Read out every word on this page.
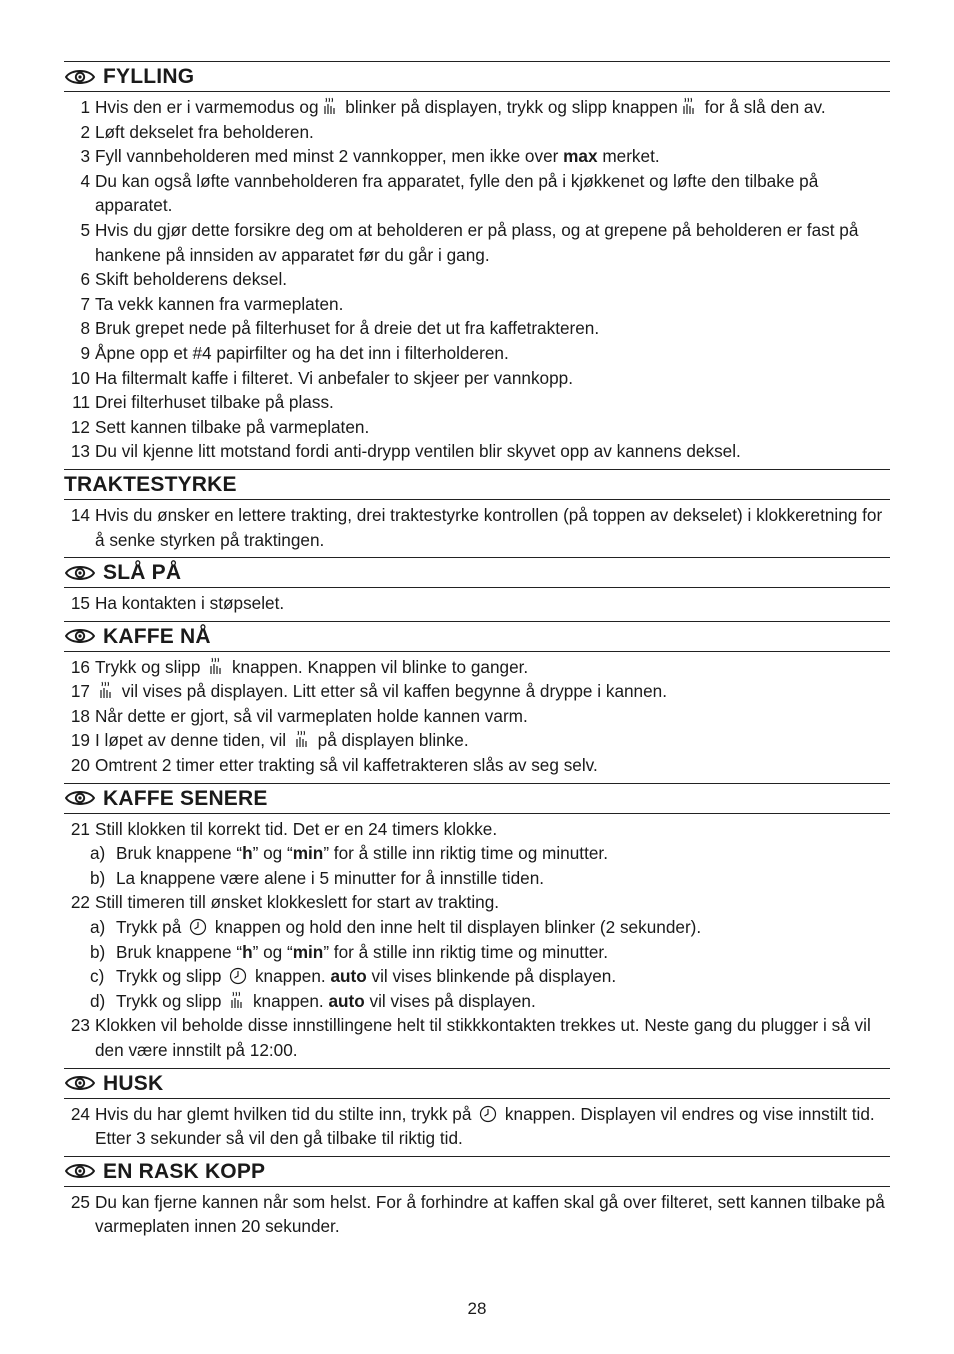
FYLLING
1 Hvis den er i varmemodus og blinker på displayen, trykk og slipp knappen for å slå den av.
2 Løft dekselet fra beholderen.
3 Fyll vannbeholderen med minst 2 vannkopper, men ikke over max merket.
4 Du kan også løfte vannbeholderen fra apparatet, fylle den på i kjøkkenet og løfte den tilbake på apparatet.
5 Hvis du gjør dette forsikre deg om at beholderen er på plass, og at grepene på beholderen er fast på hankene på innsiden av apparatet før du går i gang.
6 Skift beholderens deksel.
7 Ta vekk kannen fra varmeplaten.
8 Bruk grepet nede på filterhuset for å dreie det ut fra kaffetrakteren.
9 Åpne opp et #4 papirfilter og ha det inn i filterholderen.
10 Ha filtermalt kaffe i filteret. Vi anbefaler to skjeer per vannkopp.
11 Drei filterhuset tilbake på plass.
12 Sett kannen tilbake på varmeplaten.
13 Du vil kjenne litt motstand fordi anti-drypp ventilen blir skyvet opp av kannens deksel.
TRAKTESTYRKE
14 Hvis du ønsker en lettere trakting, drei traktestyrke kontrollen (på toppen av dekselet) i klokkeretning for å senke styrken på traktingen.
SLÅ PÅ
15 Ha kontakten i støpselet.
KAFFE NÅ
16 Trykk og slipp  knappen. Knappen vil blinke to ganger.
17	vil vises på displayen. Litt etter så vil kaffen begynne å dryppe i kannen.
18 Når dette er gjort, så vil varmeplaten holde kannen varm.
19 I løpet av denne tiden, vil  på displayen blinke.
20 Omtrent 2 timer etter trakting så vil kaffetrakteren slås av seg selv.
KAFFE SENERE
21 Still klokken til korrekt tid. Det er en 24 timers klokke.
a) Bruk knappene “h” og “min” for å stille inn riktig time og minutter.
b) La knappene være alene i 5 minutter for å innstille tiden.
22 Still timeren till ønsket klokkeslett for start av trakting.
a) Trykk på  knappen og hold den inne helt til displayen blinker (2 sekunder).
b) Bruk knappene “h” og “min” for å stille inn riktig time og minutter.
c) Trykk og slipp  knappen. auto vil vises blinkende på displayen.
d) Trykk og slipp  knappen. auto vil vises på displayen.
23 Klokken vil beholde disse innstillingene helt til stikkkontakten trekkes ut. Neste gang du plugger i så vil den være innstilt på 12:00.
HUSK
24 Hvis du har glemt hvilken tid du stilte inn, trykk på  knappen. Displayen vil endres og vise innstilt tid. Etter 3 sekunder så vil den gå tilbake til riktig tid.
EN RASK KOPP
25 Du kan fjerne kannen når som helst. For å forhindre at kaffen skal gå over filteret, sett kannen tilbake på varmeplaten innen 20 sekunder.
28
